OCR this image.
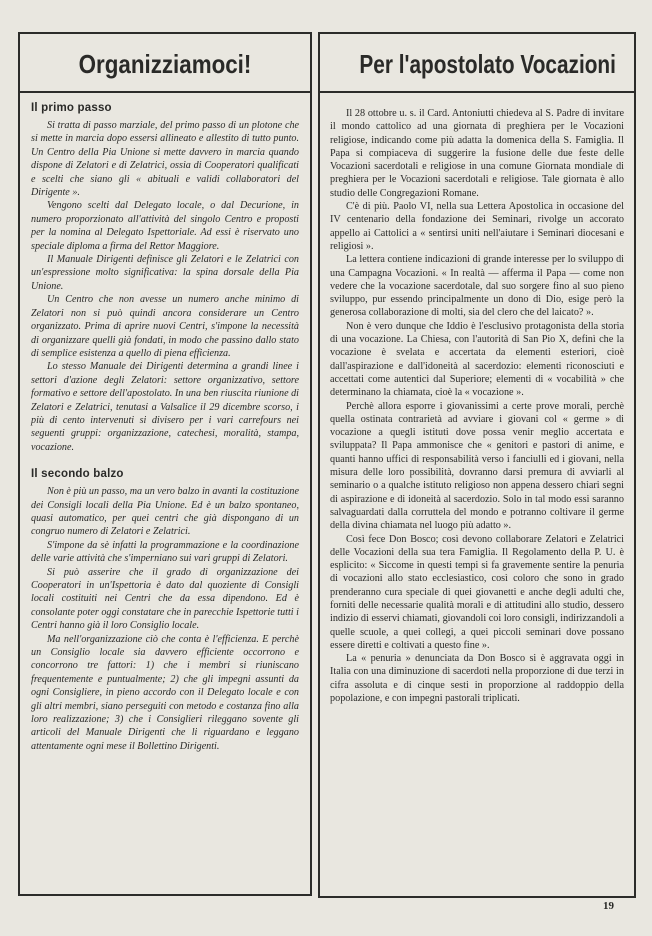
Organizziamoci!
Il primo passo

Si tratta di passo marziale, del primo passo di un plotone che si mette in marcia dopo essersi allineato e allestito di tutto punto. Un Centro della Pia Unione si mette davvero in marcia quando dispone di Zelatori e di Zelatrici, ossia di Cooperatori qualificati e scelti che siano gli « abituali e validi collaboratori del Dirigente ».

Vengono scelti dal Delegato locale, o dal Decurione, in numero proporzionato all'attività del singolo Centro e proposti per la nomina al Delegato Ispettoriale. Ad essi è riservato uno speciale diploma a firma del Rettor Maggiore.

Il Manuale Dirigenti definisce gli Zelatori e le Zelatrici con un'espressione molto significativa: la spina dorsale della Pia Unione.

Un Centro che non avesse un numero anche minimo di Zelatori non si può quindi ancora considerare un Centro organizzato. Prima di aprire nuovi Centri, s'impone la necessità di organizzare quelli già fondati, in modo che passino dallo stato di semplice esistenza a quello di piena efficienza.

Lo stesso Manuale dei Dirigenti determina a grandi linee i settori d'azione degli Zelatori: settore organizzativo, settore formativo e settore dell'apostolato. In una ben riuscita riunione di Zelatori e Zelatrici, tenutasi a Valsalice il 29 dicembre scorso, i più di cento intervenuti si divisero per i vari carrefours nei seguenti gruppi: organizzazione, catechesi, moralità, stampa, vocazione.

Il secondo balzo

Non è più un passo, ma un vero balzo in avanti la costituzione dei Consigli locali della Pia Unione. Ed è un balzo spontaneo, quasi automatico, per quei centri che già dispongano di un congruo numero di Zelatori e Zelatrici.

S'impone da sè infatti la programmazione e la coordinazione delle varie attività che s'imperniano sui vari gruppi di Zelatori.

Si può asserire che il grado di organizzazione dei Cooperatori in un'Ispettoria è dato dal quoziente di Consigli locali costituiti nei Centri che da essa dipendono. Ed è consolante poter oggi constatare che in parecchie Ispettorie tutti i Centri hanno già il loro Consiglio locale.

Ma nell'organizzazione ciò che conta è l'efficienza. E perchè un Consiglio locale sia davvero efficiente occorrono e concorrono tre fattori: 1) che i membri si riuniscano frequentemente e puntualmente; 2) che gli impegni assunti da ogni Consigliere, in pieno accordo con il Delegato locale e con gli altri membri, siano perseguiti con metodo e costanza fino alla loro realizzazione; 3) che i Consiglieri rileggano sovente gli articoli del Manuale Dirigenti che li riguardano e leggano attentamente ogni mese il Bollettino Dirigenti.

Per l'apostolato Vocazioni

Il 28 ottobre u. s. il Card. Antoniutti chiedeva al S. Padre di invitare il mondo cattolico ad una giornata di preghiera per le Vocazioni religiose, indicando come più adatta la domenica della S. Famiglia. Il Papa si compiaceva di suggerire la fusione delle due feste delle Vocazioni sacerdotali e religiose in una comune Giornata mondiale di preghiera per le Vocazioni sacerdotali e religiose. Tale giornata è allo studio delle Congregazioni Romane.

C'è di più. Paolo VI, nella sua Lettera Apostolica in occasione del IV centenario della fondazione dei Seminari, rivolge un accorato appello ai Cattolici a « sentirsi uniti nell'aiutare i Seminari diocesani e religiosi ».

La lettera contiene indicazioni di grande interesse per lo sviluppo di una Campagna Vocazioni. « In realtà — afferma il Papa — come non vedere che la vocazione sacerdotale, dal suo sorgere fino al suo pieno sviluppo, pur essendo principalmente un dono di Dio, esige però la generosa collaborazione di molti, sia del clero che del laicato? ».

Non è vero dunque che Iddio è l'esclusivo protagonista della storia di una vocazione. La Chiesa, con l'autorità di San Pio X, definì che la vocazione è svelata e accertata da elementi esteriori, cioè dall'aspirazione e dall'idoneità al sacerdozio: elementi riconosciuti e accettati come autentici dal Superiore; elementi di « vocabilità » che determinano la chiamata, cioè la « vocazione ».

Perchè allora esporre i giovanissimi a certe prove morali, perchè quella ostinata contrarietà ad avviare i giovani col « germe » di vocazione a quegli istituti dove possa venir meglio accertata e sviluppata? Il Papa ammonisce che « genitori e pastori di anime, e quanti hanno uffici di responsabilità verso i fanciulli ed i giovani, nella misura delle loro possibilità, dovranno darsi premura di avviarli al seminario o a qualche istituto religioso non appena dessero chiari segni di aspirazione e di idoneità al sacerdozio. Solo in tal modo essi saranno salvaguardati dalla corruttela del mondo e potranno coltivare il germe della divina chiamata nel luogo più adatto ».

Così fece Don Bosco; così devono collaborare Zelatori e Zelatrici delle Vocazioni della sua tera Famiglia. Il Regolamento della P. U. è esplicito: « Siccome in questi tempi si fa gravemente sentire la penuria di vocazioni allo stato ecclesiastico, così coloro che sono in grado prenderanno cura speciale di quei giovanetti e anche degli adulti che, forniti delle necessarie qualità morali e di attitudini allo studio, dessero indizio di esservi chiamati, giovandoli coi loro consigli, indirizzandoli a quelle scuole, a quei collegi, a quei piccoli seminari dove possano essere diretti e coltivati a questo fine ».

La « penuria » denunciata da Don Bosco si è aggravata oggi in Italia con una diminuzione di sacerdoti nella proporzione di due terzi in cifra assoluta e di cinque sesti in proporzione al raddoppio della popolazione, e con impegni pastorali triplicati.

19
